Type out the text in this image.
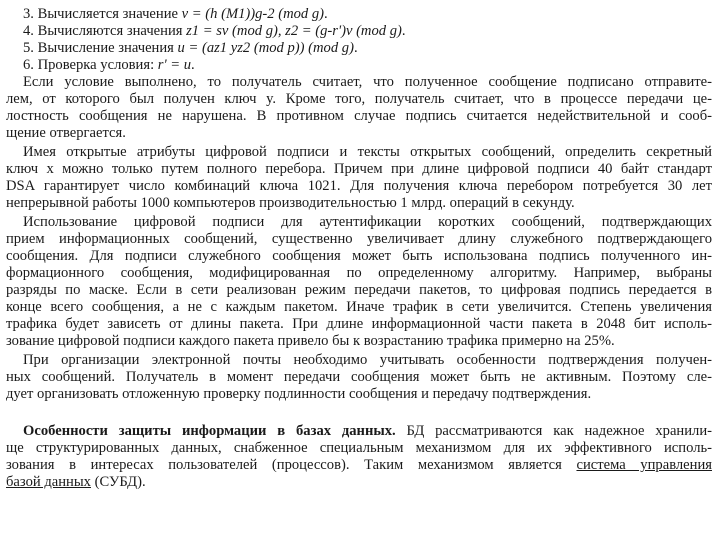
3. Вычисляется значение v = (h (M1))g-2 (mod g).
4. Вычисляются значения z1 = sv (mod g), z2 = (g-r')v (mod g).
5. Вычисление значения u = (az1 yz2 (mod p)) (mod g).
6. Проверка условия: r' = u.
Если условие выполнено, то получатель считает, что полученное сообщение подписано отправите-
лем, от которого был получен ключ y. Кроме того, получатель считает, что в процессе передачи це-
лостность сообщения не нарушена. В противном случае подпись считается недействительной и сооб-
щение отвергается.
Имея открытые атрибуты цифровой подписи и тексты открытых сообщений, определить секретный
ключ x можно только путем полного перебора. Причем при длине цифровой подписи 40 байт стандарт
DSA гарантирует число комбинаций ключа 1021. Для получения ключа перебором потребуется 30 лет
непрерывной работы 1000 компьютеров производительностью 1 млрд. операций в секунду.
Использование цифровой подписи для аутентификации коротких сообщений, подтверждающих
прием информационных сообщений, существенно увеличивает длину служебного подтверждающего
сообщения. Для подписи служебного сообщения может быть использована подпись полученного ин-
формационного сообщения, модифицированная по определенному алгоритму. Например, выбраны
разряды по маске. Если в сети реализован режим передачи пакетов, то цифровая подпись передается в
конце всего сообщения, а не с каждым пакетом. Иначе трафик в сети увеличится. Степень увеличения
трафика будет зависеть от длины пакета. При длине информационной части пакета в 2048 бит исполь-
зование цифровой подписи каждого пакета привело бы к возрастанию трафика примерно на 25%.
При организации электронной почты необходимо учитывать особенности подтверждения получен-
ных сообщений. Получатель в момент передачи сообщения может быть не активным. Поэтому сле-
дует организовать отложенную проверку подлинности сообщения и передачу подтверждения.
Особенности защиты информации в базах данных. БД рассматриваются как надежное хранили-
ще структурированных данных, снабженное специальным механизмом для их эффективного исполь-
зования в интересах пользователей (процессов). Таким механизмом является система управления
базой данных (СУБД).
